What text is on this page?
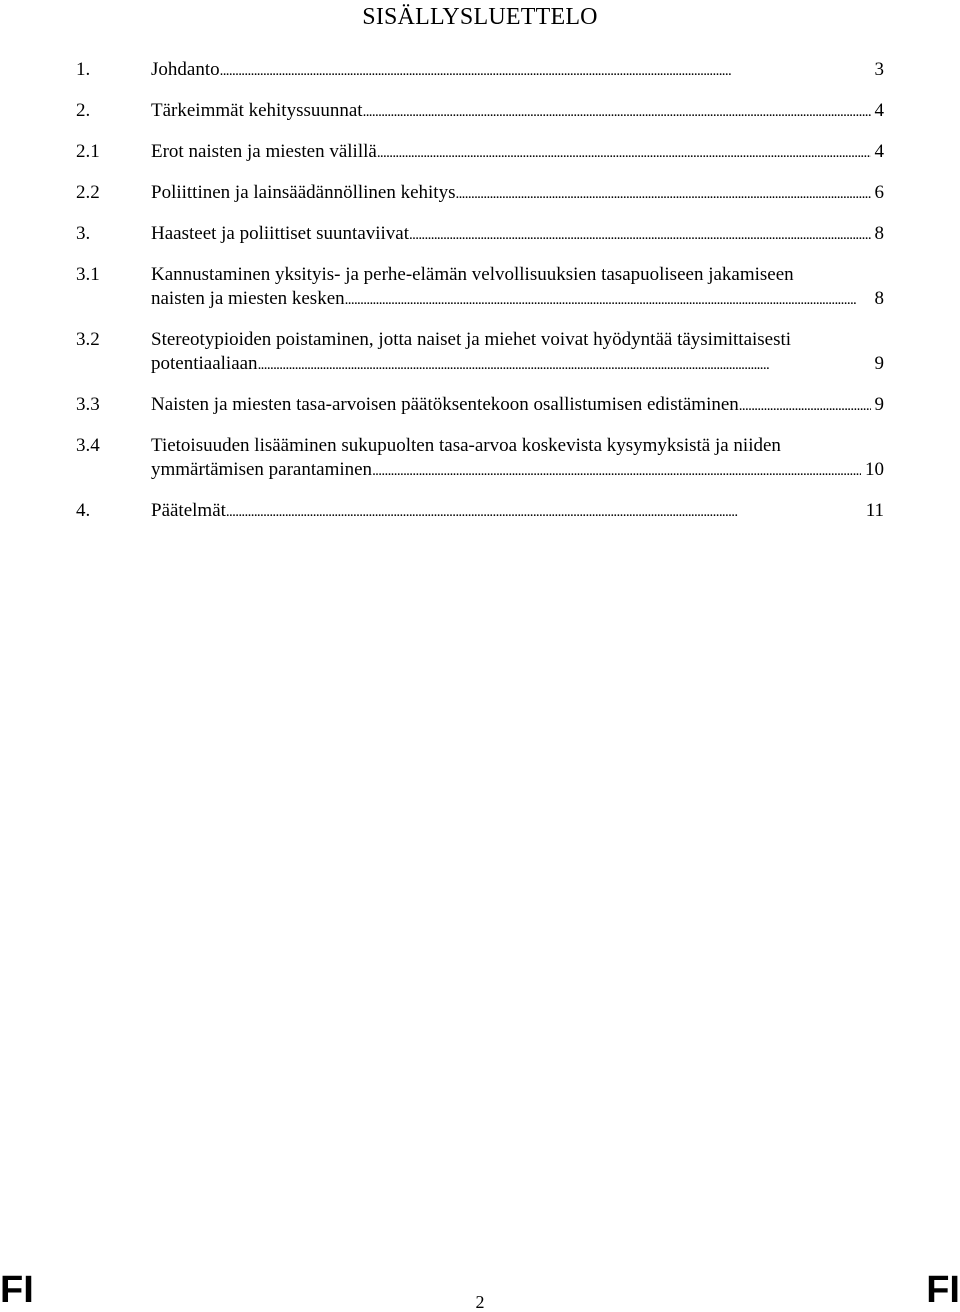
SISÄLLYSLUETTELO
1.	Johdanto . . .	3
2.	Tärkeimmät kehityssuunnat . . .	4
2.1	Erot naisten ja miesten välillä . . .	4
2.2	Poliittinen ja lainsäädännöllinen kehitys . . .	6
3.	Haasteet ja poliittiset suuntaviivat . . .	8
3.1	Kannustaminen yksityis- ja perhe-elämän velvollisuuksien tasapuoliseen jakamiseen
naisten ja miesten kesken . . .	8
3.2	Stereotypioiden poistaminen, jotta naiset ja miehet voivat hyödyntää täysimittaisesti
potentiaaliaan . . .	9
3.3	Naisten ja miesten tasa-arvoisen päätöksentekoon osallistumisen edistäminen . . .	9
3.4	Tietoisuuden lisääminen sukupuolten tasa-arvoa koskevista kysymyksistä ja niiden
ymmärtämisen parantaminen . . .	10
4.	Päätelmät . . .	11
FI	2	FI
